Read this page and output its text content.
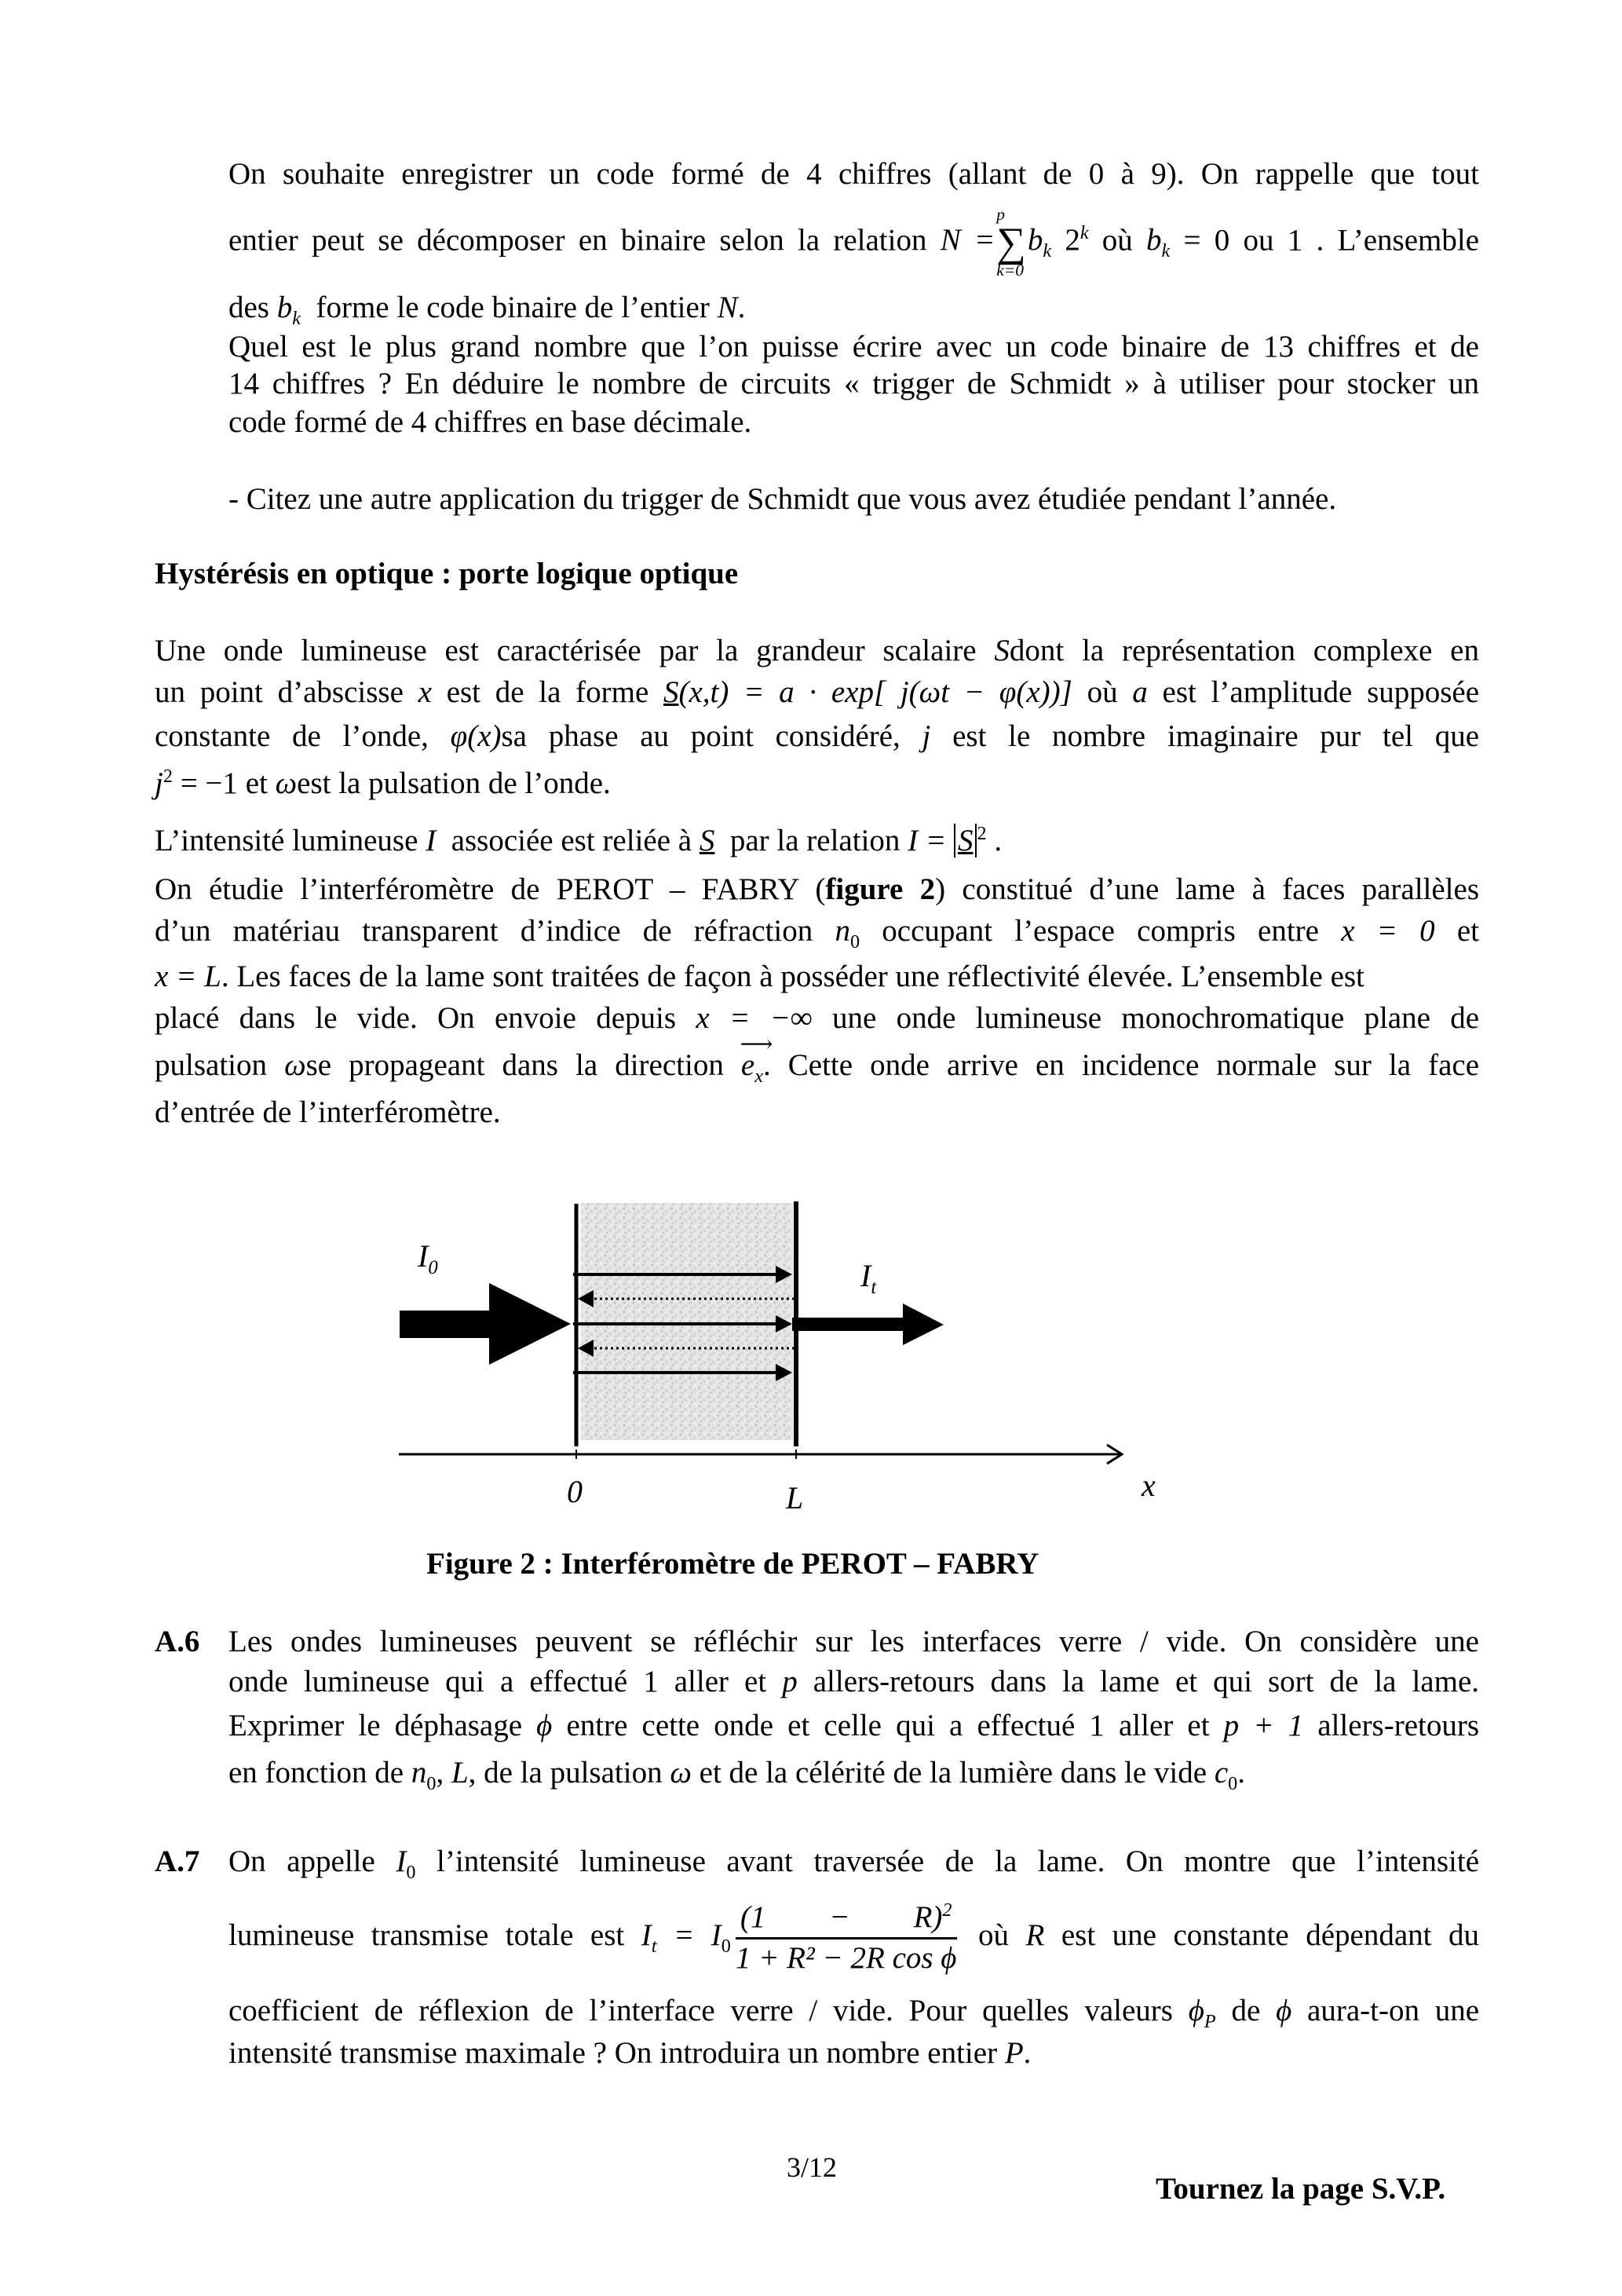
On souhaite enregistrer un code formé de 4 chiffres (allant de 0 à 9). On rappelle que tout
entier peut se décomposer en binaire selon la relation N =
p
∑
k=0
$b_k$ 2$^k$ où $b_k = 0$ ou 1 . L’ensemble
des $b_k$ forme le code binaire de l’entier N.
Quel est le plus grand nombre que l’on puisse écrire avec un code binaire de 13 chiffres et de
14 chiffres ? En déduire le nombre de circuits « trigger de Schmidt » à utiliser pour stocker un
code formé de 4 chiffres en base décimale.
- Citez une autre application du trigger de Schmidt que vous avez étudiée pendant l’année.
Hystérésis en optique : porte logique optique
Une onde lumineuse est caractérisée par la grandeur scalaire Sdont la représentation complexe en
un point d’abscisse x est de la forme S(x,t) = a · exp[ j(ωt − φ(x))] où a est l’amplitude supposée
constante de l’onde, φ(x)sa phase au point considéré, j est le nombre imaginaire pur tel que
$j^2 = -1$ et ωest la pulsation de l’onde.
L’intensité lumineuse I associée est reliée à S par la relation I = S $^2$ .
On étudie l’interféromètre de PEROT – FABRY (figure 2) constitué d’une lame à faces parallèles
d’un matériau transparent d’indice de réfraction $n_0$ occupant l’espace compris entre x = 0 et
x = L. Les faces de la lame sont traitées de façon à posséder une réflectivité élevée. L’ensemble est
placé dans le vide. On envoie depuis x = −∞ une onde lumineuse monochromatique plane de
pulsation ωse propageant dans la direction ⟶ $e_x$. Cette onde arrive en incidence normale sur la face
d’entrée de l’interféromètre.
$I_0$	$I_t$
0	L	x
Figure 2 : Interféromètre de PEROT – FABRY
A.6 Les ondes lumineuses peuvent se réfléchir sur les interfaces verre / vide. On considère une
onde lumineuse qui a effectué 1 aller et p allers-retours dans la lame et qui sort de la lame.
Exprimer le déphasage ϕ entre cette onde et celle qui a effectué 1 aller et p + 1 allers-retours
en fonction de $n_0$, L, de la pulsation ω et de la célérité de la lumière dans le vide $c_0$.
A.7 On appelle $I_0$ l’intensité lumineuse avant traversée de la lame. On montre que l’intensité
lumineuse transmise totale est $I_t = I_0 \frac{(1 - R)^2}{\text{1 + R² − 2R cos ϕ}}$ où R est une constante dépendant du
coefficient de réflexion de l’interface verre / vide. Pour quelles valeurs $\phi_P$ de ϕ aura-t-on une
intensité transmise maximale ? On introduira un nombre entier P.
3/12
Tournez la page S.V.P.
